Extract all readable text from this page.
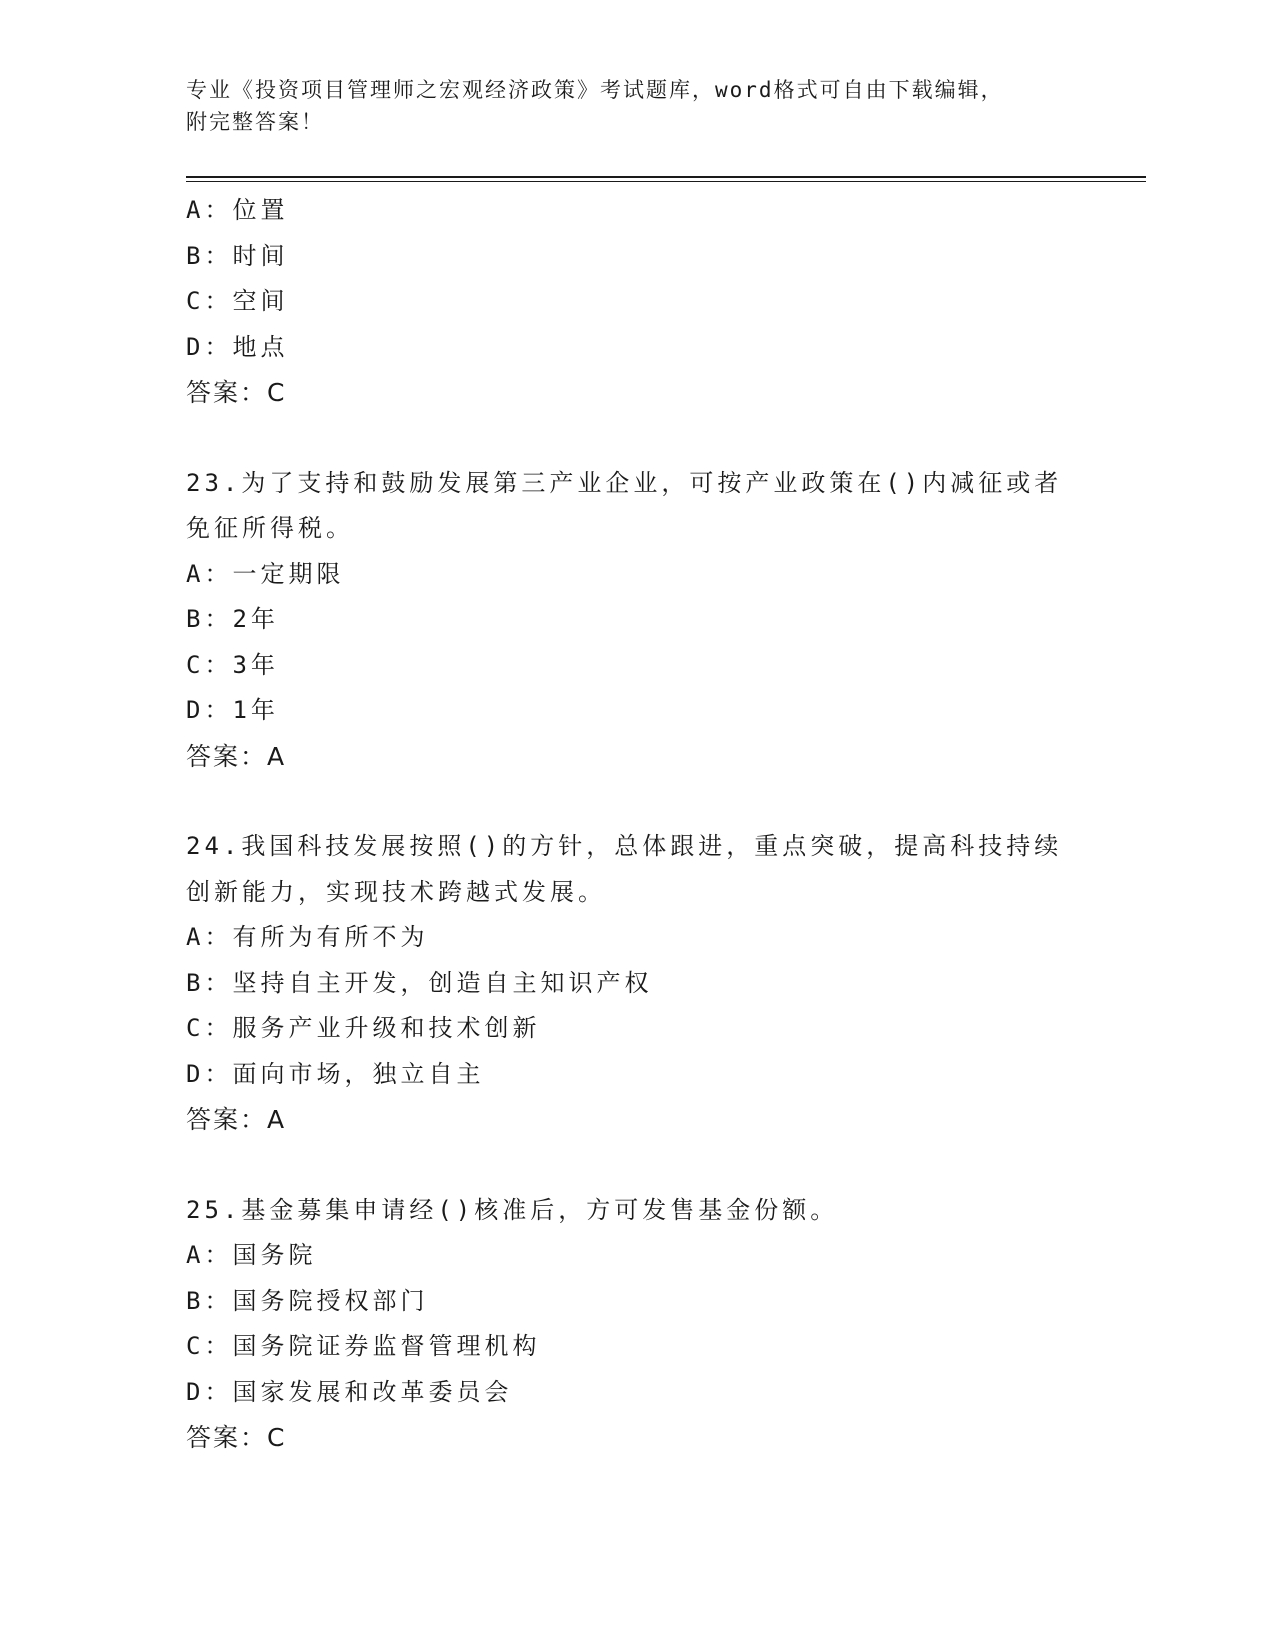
专业《投资项目管理师之宏观经济政策》考试题库，word格式可自由下载编辑，
附完整答案！
A：位置
B：时间
C：空间
D：地点
答案：C
23.为了支持和鼓励发展第三产业企业，可按产业政策在()内减征或者
免征所得税。
A：一定期限
B：2年
C：3年
D：1年
答案：A
24.我国科技发展按照()的方针，总体跟进，重点突破，提高科技持续
创新能力，实现技术跨越式发展。
A：有所为有所不为
B：坚持自主开发，创造自主知识产权
C：服务产业升级和技术创新
D：面向市场，独立自主
答案：A
25.基金募集申请经()核准后，方可发售基金份额。
A：国务院
B：国务院授权部门
C：国务院证券监督管理机构
D：国家发展和改革委员会
答案：C
